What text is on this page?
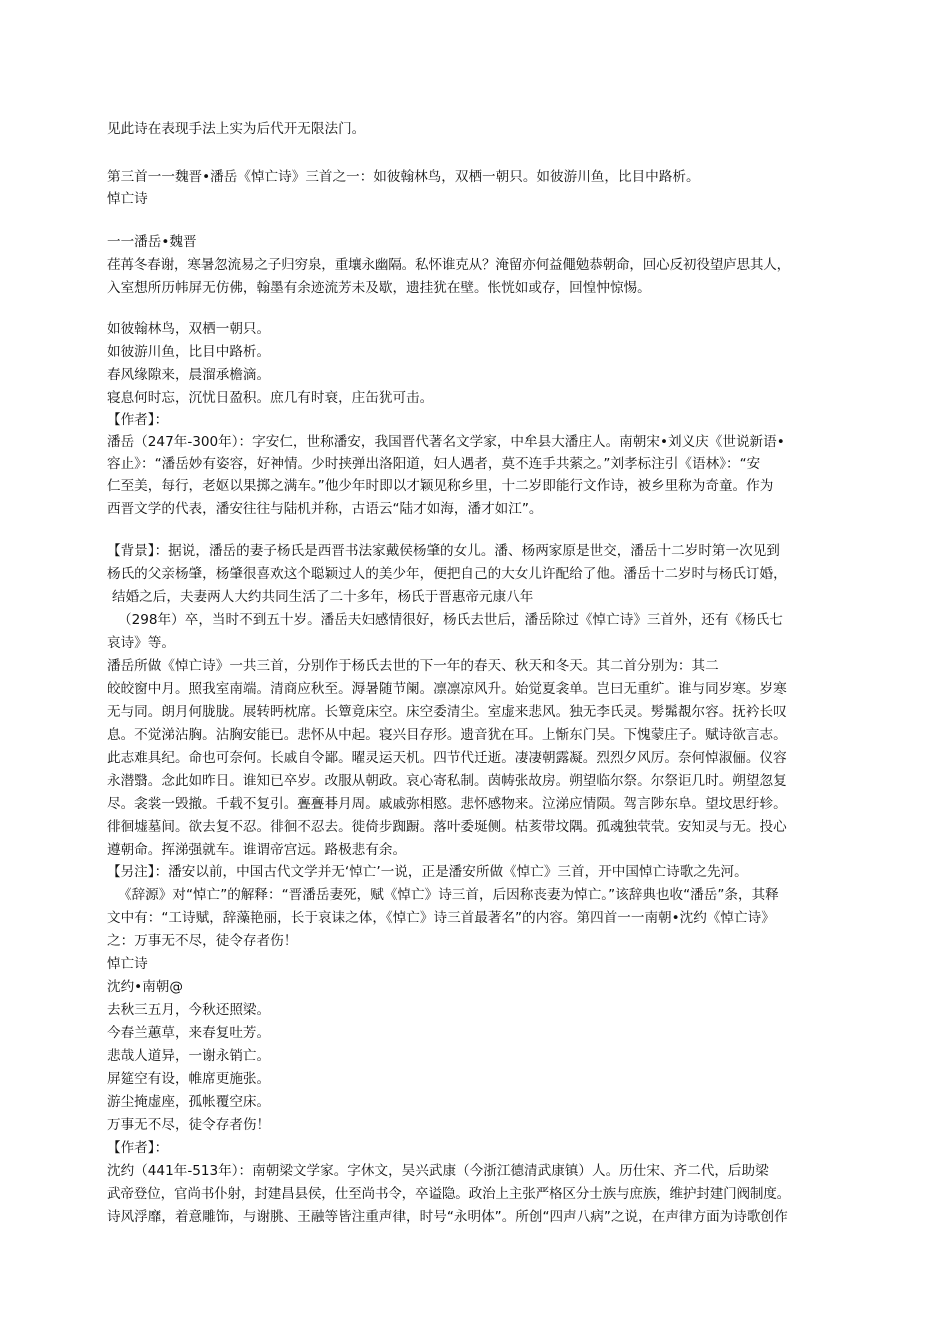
见此诗在表现手法上实为后代开无限法门。
第三首一一魏晋•潘岳《悼亡诗》三首之一：如彼翰林鸟，双栖一朝只。如彼游川鱼，比目中路析。
悼亡诗
一一潘岳•魏晋
荏苒冬春谢，寒暑忽流易之子归穷泉，重壤永幽隔。私怀谁克从？淹留亦何益僶勉恭朝命，回心反初役望庐思其人，
入室想所历帏屏无仿佛，翰墨有余迹流芳未及歇，遗挂犹在壁。怅恍如或存，回惶忡惊惕。
如彼翰林鸟，双栖一朝只。
如彼游川鱼，比目中路析。
春风缘隙来，晨溜承檐滴。
寝息何时忘，沉忧日盈积。庶几有时衰，庄缶犹可击。
【作者】：
潘岳（247年-300年）：字安仁，世称潘安，我国晋代著名文学家，中牟县大潘庄人。南朝宋•刘义庆《世说新语•
容止》：“潘岳妙有姿容，好神情。少时挟弹出洛阳道，妇人遇者，莫不连手共萦之。”刘孝标注引《语林》：“安
仁至美，每行，老妪以果掷之满车。”他少年时即以才颖见称乡里，十二岁即能行文作诗，被乡里称为奇童。作为
西晋文学的代表，潘安往往与陆机并称，古语云“陆才如海，潘才如江”。
【背景】：据说，潘岳的妻子杨氏是西晋书法家戴侯杨肇的女儿。潘、杨两家原是世交，潘岳十二岁时第一次见到
杨氏的父亲杨肇，杨肇很喜欢这个聪颖过人的美少年，便把自己的大女儿许配给了他。潘岳十二岁时与杨氏订婚，
结婚之后，夫妻两人大约共同生活了二十多年，杨氏于晋惠帝元康八年
（298年）卒，当时不到五十岁。潘岳夫妇感情很好，杨氏去世后，潘岳除过《悼亡诗》三首外，还有《杨氏七
哀诗》等。
潘岳所做《悼亡诗》一共三首，分别作于杨氏去世的下一年的春天、秋天和冬天。其二首分别为：其二
皎皎窗中月。照我室南端。清商应秋至。溽暑随节阑。凛凛凉风升。始觉夏衾单。岂曰无重纩。谁与同岁寒。岁寒
无与同。朗月何胧胧。展转眄枕席。长簟竟床空。床空委清尘。室虚来悲风。独无李氏灵。髣髴覩尔容。抚衿长叹
息。不觉涕沾胸。沾胸安能已。悲怀从中起。寝兴目存形。遗音犹在耳。上惭东门吴。下愧蒙庄子。赋诗欲言志。
此志难具纪。命也可奈何。长戚自令鄙。曜灵运天机。四节代迁逝。凄凄朝露凝。烈烈夕风厉。奈何悼淑俪。仪容
永潜翳。念此如昨日。谁知已卒岁。改服从朝政。哀心寄私制。茵帱张故房。朔望临尔祭。尔祭讵几时。朔望忽复
尽。衾裳一毁撤。千载不复引。亹亹朞月周。戚戚弥相愍。悲怀感物来。泣涕应情陨。驾言陟东阜。望坟思纡轸。
徘徊墟墓间。欲去复不忍。徘徊不忍去。徙倚步踟蹰。落叶委埏侧。枯荄带坟隅。孤魂独茕茕。安知灵与无。投心
遵朝命。挥涕强就车。谁谓帝宫远。路极悲有余。
【另注】：潘安以前，中国古代文学并无‘悼亡’一说，正是潘安所做《悼亡》三首，开中国悼亡诗歌之先河。
《辞源》对“悼亡”的解释：“晋潘岳妻死，赋《悼亡》诗三首，后因称丧妻为悼亡。”该辞典也收“潘岳”条，其释
文中有：“工诗赋，辞藻艳丽，长于哀诔之体，《悼亡》诗三首最著名”的内容。第四首一一南朝•沈约《悼亡诗》
之：万事无不尽，徒令存者伤！
悼亡诗
沈约•南朝@
去秋三五月，今秋还照梁。
今春兰蕙草，来春复吐芳。
悲哉人道异，一谢永销亡。
屏筵空有设，帷席更施张。
游尘掩虚座，孤帐覆空床。
万事无不尽，徒令存者伤！
【作者】：
沈约（441年-513年）：南朝梁文学家。字休文，吴兴武康（今浙江德清武康镇）人。历仕宋、齐二代，后助梁
武帝登位，官尚书仆射，封建昌县侯，仕至尚书令，卒谥隐。政治上主张严格区分士族与庶族，维护封建门阀制度。
诗风浮靡，着意雕饰，与谢朓、王融等皆注重声律，时号“永明体”。所创“四声八病”之说，在声律方面为诗歌创作
